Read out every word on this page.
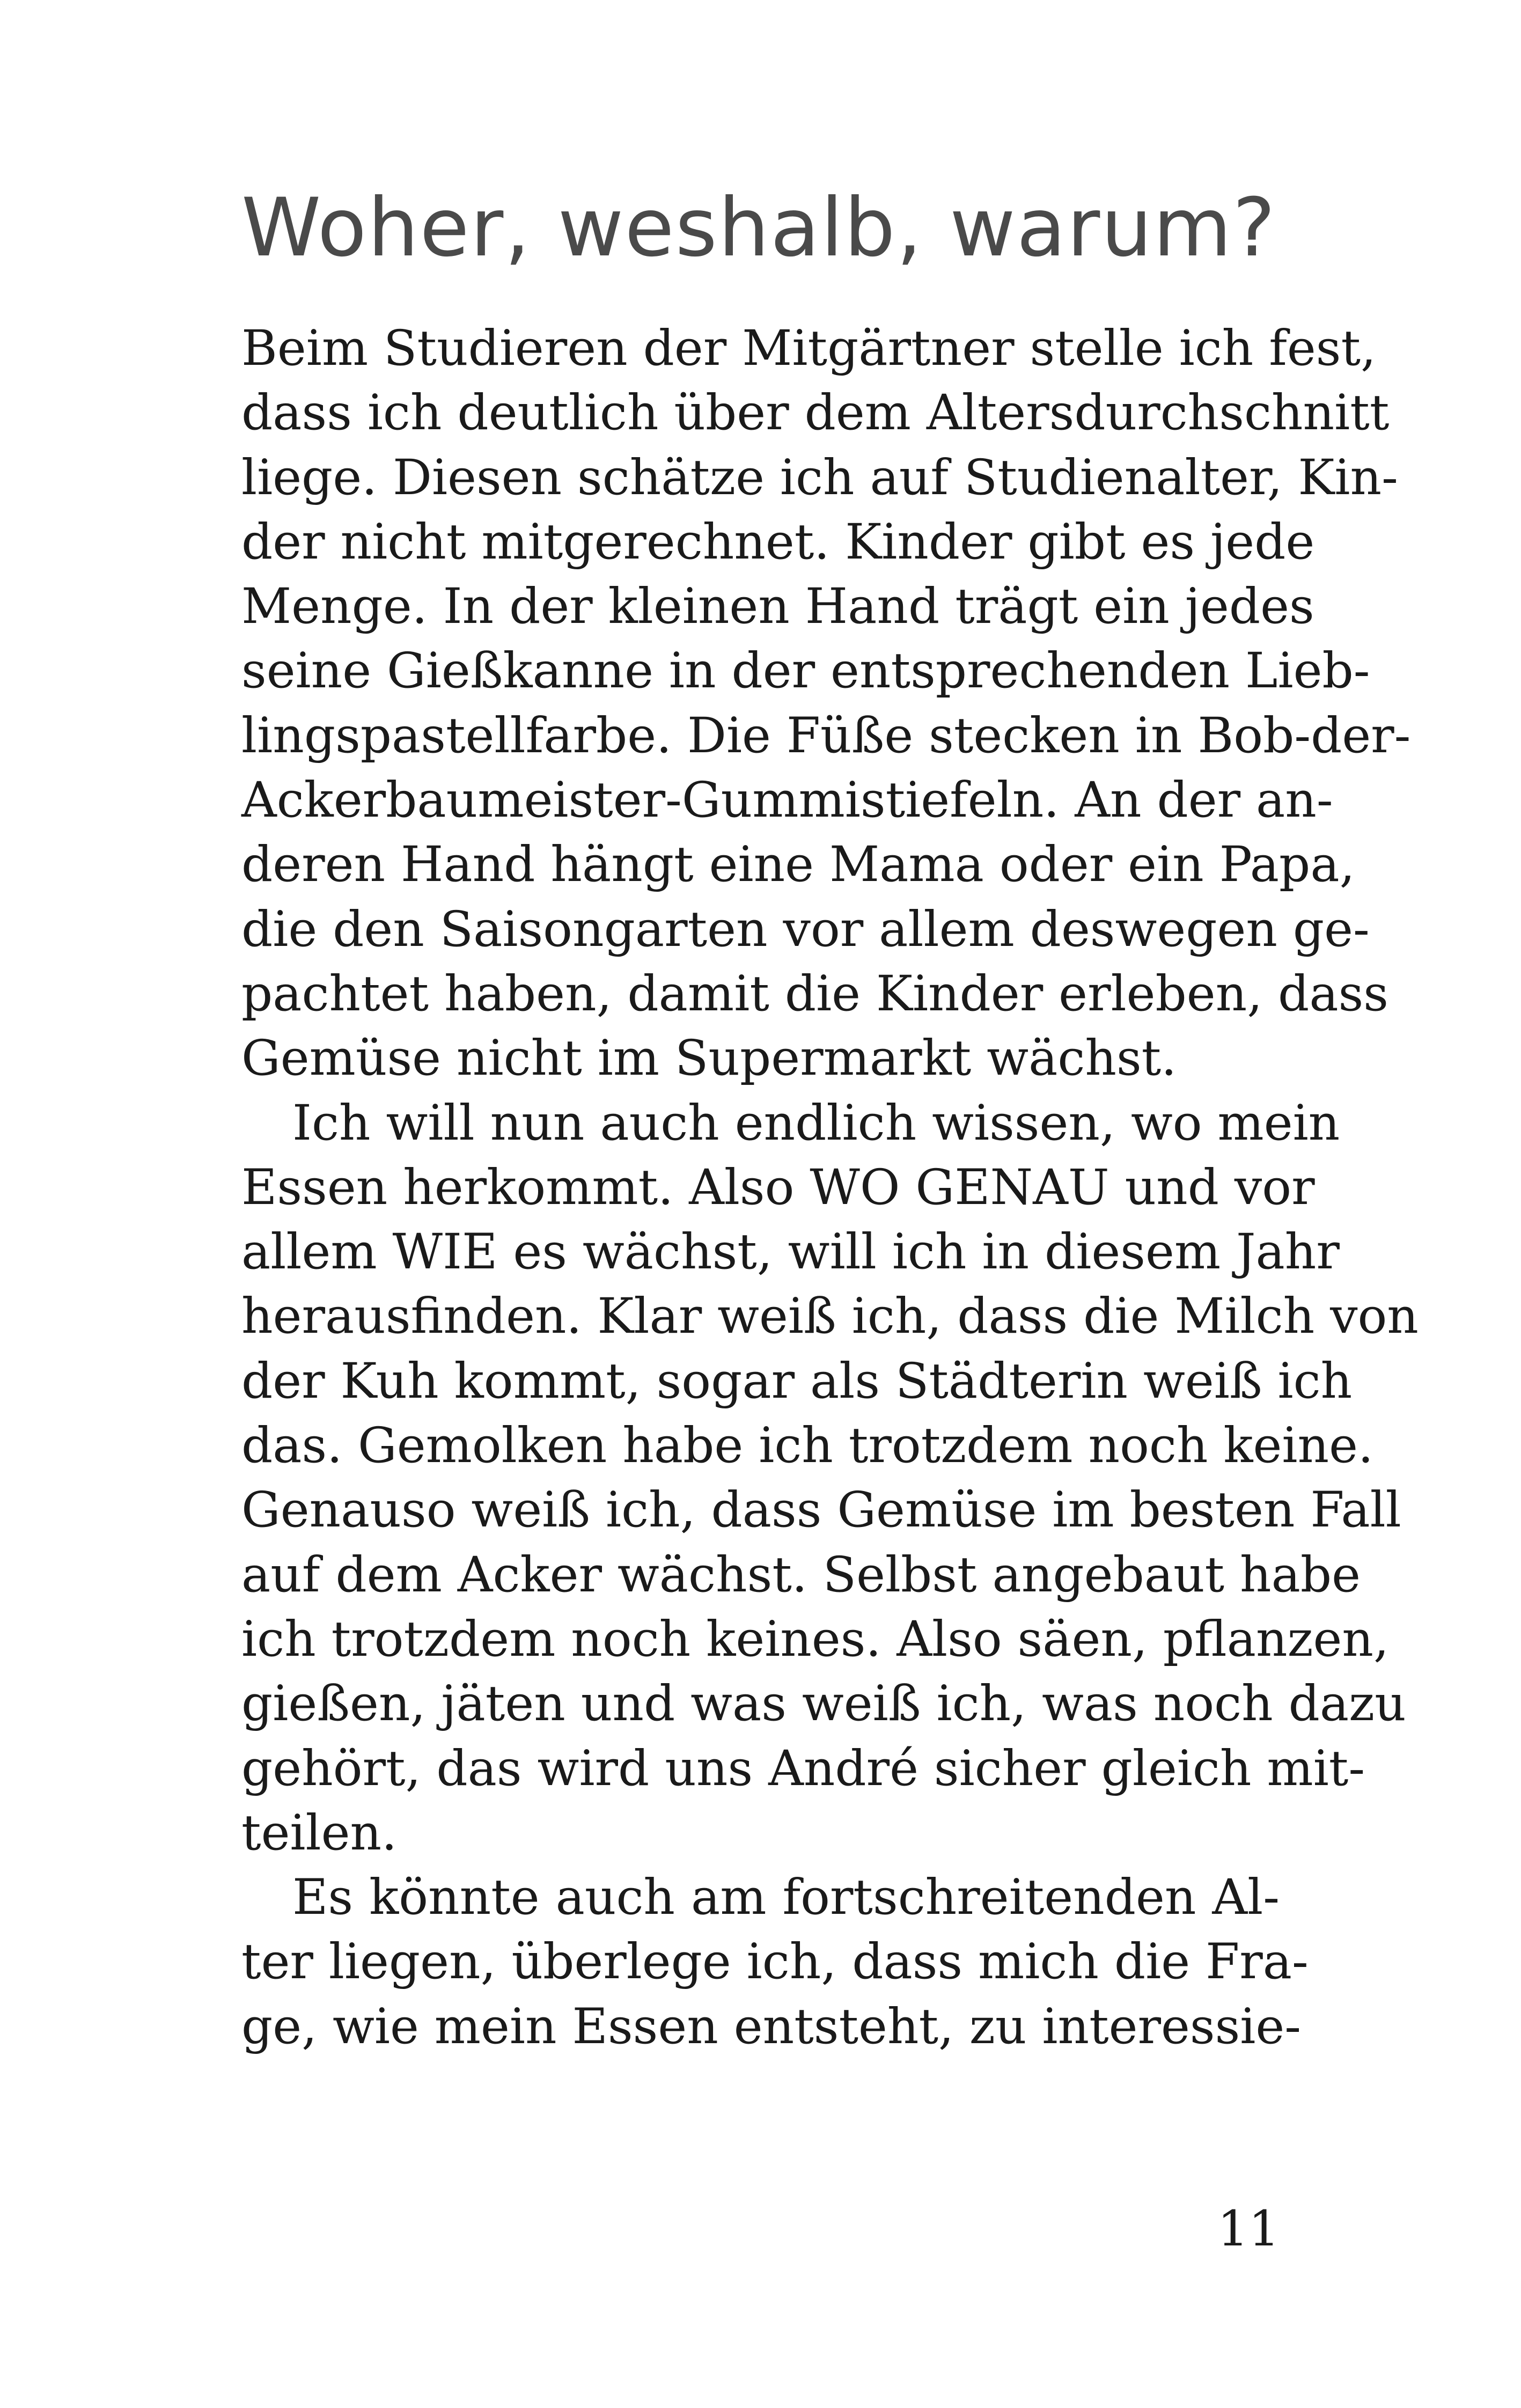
Woher, weshalb, warum?
Beim Studieren der Mitgärtner stelle ich fest,
dass ich deutlich über dem Altersdurchschnitt
liege. Diesen schätze ich auf Studienalter, Kin-
der nicht mitgerechnet. Kinder gibt es jede
Menge. In der kleinen Hand trägt ein jedes
seine Gießkanne in der entsprechenden Lieb-
lingspastellfarbe. Die Füße stecken in Bob-der-
Ackerbaumeister-Gummistiefeln. An der an-
deren Hand hängt eine Mama oder ein Papa,
die den Saisongarten vor allem deswegen ge-
pachtet haben, damit die Kinder erleben, dass
Gemüse nicht im Supermarkt wächst.
Ich will nun auch endlich wissen, wo mein
Essen herkommt. Also WO GENAU und vor
allem WIE es wächst, will ich in diesem Jahr
herausfinden. Klar weiß ich, dass die Milch von
der Kuh kommt, sogar als Städterin weiß ich
das. Gemolken habe ich trotzdem noch keine.
Genauso weiß ich, dass Gemüse im besten Fall
auf dem Acker wächst. Selbst angebaut habe
ich trotzdem noch keines. Also säen, pflanzen,
gießen, jäten und was weiß ich, was noch dazu
gehört, das wird uns André sicher gleich mit-
teilen.
Es könnte auch am fortschreitenden Al-
ter liegen, überlege ich, dass mich die Fra-
ge, wie mein Essen entsteht, zu interessie-
11
